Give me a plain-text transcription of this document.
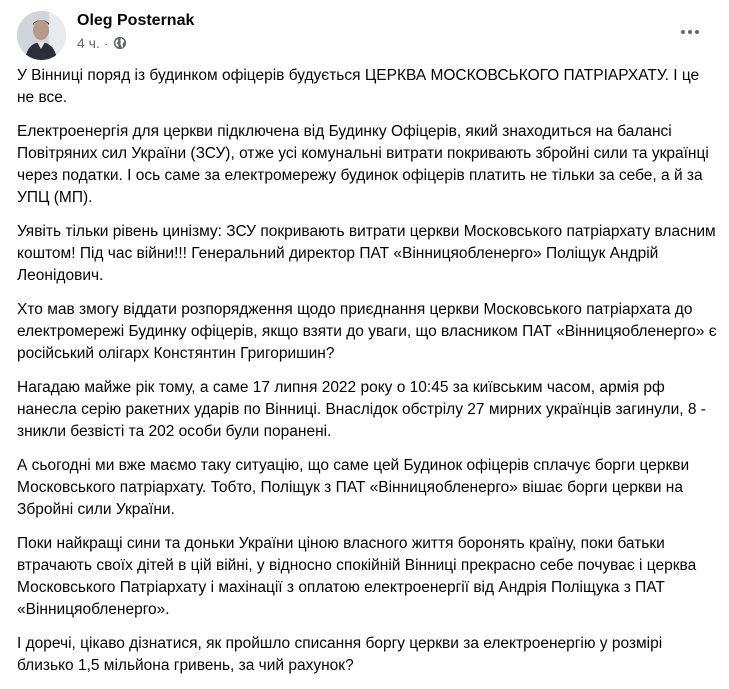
Oleg Posternak
4 ч. ·

У Вінниці поряд із будинком офіцерів будується ЦЕРКВА МОСКОВСЬКОГО ПАТРІАРХАТУ. І це не все.

Електроенергія для церкви підключена від Будинку Офіцерів, який знаходиться на балансі Повітряних сил України (ЗСУ), отже усі комунальні витрати покривають збройні сили та українці через податки. І ось саме за електромережу будинок офіцерів платить не тільки за себе, а й за УПЦ (МП).

Уявіть тільки рівень цинізму: ЗСУ покривають витрати церкви Московського патріархату власним коштом! Під час війни!!! Генеральний директор ПАТ «Вінницяобленерго» Поліщук Андрій Леонідович.

Хто мав змогу віддати розпорядження щодо приєднання церкви Московського патріархата до електромережі Будинку офіцерів, якщо взяти до уваги, що власником ПАТ «Вінницяобленерго» є російський олігарх Констянтин Григоришин?

Нагадаю майже рік тому, а саме 17 липня 2022 року о 10:45 за київським часом, армія рф нанесла серію ракетних ударів по Вінниці. Внаслідок обстрілу 27 мирних українців загинули, 8 - зникли безвісті та 202 особи були поранені.

А сьогодні ми вже маємо таку ситуацію, що саме цей Будинок офіцерів сплачує борги церкви Московського патріархату. Тобто, Поліщук з ПАТ «Вінницяобленерго» вішає борги церкви на Збройні сили України.

Поки найкращі сини та доньки України ціною власного життя боронять країну, поки батьки втрачають своїх дітей в цій війні, у відносно спокійній Вінниці прекрасно себе почуває і церква Московського Патріархату і махінації з оплатою електроенергії від Андрія Поліщука з ПАТ «Вінницяобленерго».

І доречі, цікаво дізнатися, як пройшло списання боргу церкви за електроенергію у розмірі близько 1,5 мільйона гривень, за чий рахунок?
